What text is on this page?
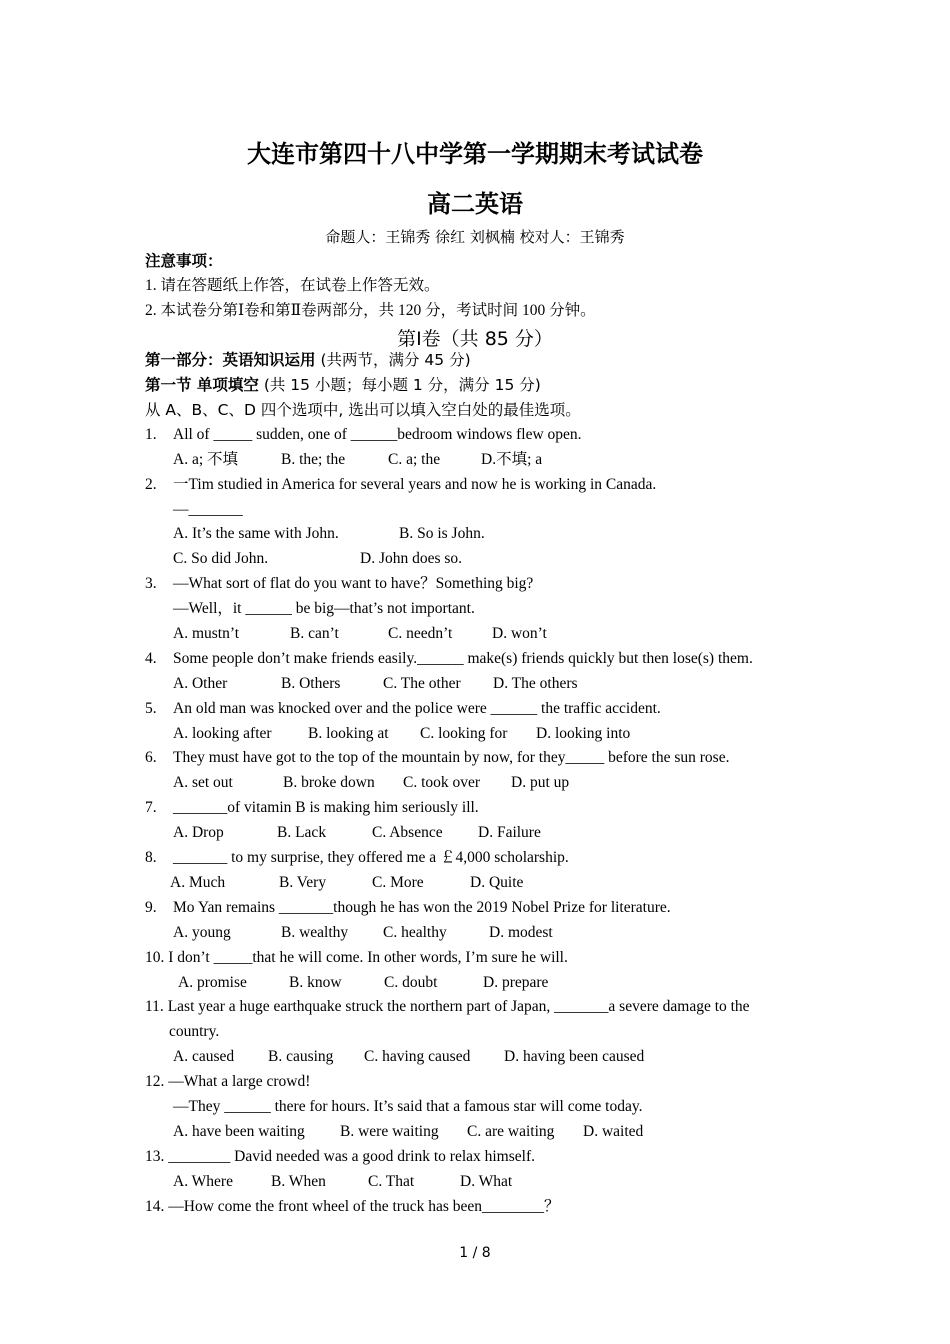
大连市第四十八中学第一学期期末考试试卷
高二英语
命题人：王锦秀 徐红 刘枫楠 校对人：王锦秀
注意事项：
1. 请在答题纸上作答，在试卷上作答无效。
2. 本试卷分第Ⅰ卷和第Ⅱ卷两部分，共 120 分，考试时间 100 分钟。
第Ⅰ卷（共 85 分）
第一部分：英语知识运用 (共两节，满分 45 分)
第一节 单项填空 (共 15 小题；每小题 1 分，满分 15 分)
从 A、B、C、D 四个选项中, 选出可以填入空白处的最佳选项。
1. All of _____ sudden, one of ______bedroom windows flew open.
A. a; 不填	B. the; the	C. a; the	D.不填; a
2. 一Tim studied in America for several years and now he is working in Canada.
—_______
A. It’s the same with John.	B. So is John.
C. So did John.	D. John does so.
3. —What sort of flat do you want to have？Something big?
—Well，it ______ be big—that’s not important.
A. mustn’t	B. can’t	C. needn’t	D. won’t
4. Some people don’t make friends easily.______ make(s) friends quickly but then lose(s) them.
A. Other	B. Others	C. The other D. The others
5. An old man was knocked over and the police were ______ the traffic accident.
A. looking after B. looking at C. looking for D. looking into
6. They must have got to the top of the mountain by now, for they_____ before the sun rose.
A. set out	B. broke down C. took over D. put up
7. _______of vitamin B is making him seriously ill.
A. Drop	B. Lack	C. Absence D. Failure
8. _______ to my surprise, they offered me a ￡4,000 scholarship.
A. Much	B. Very	C. More	D. Quite
9. Mo Yan remains _______though he has won the 2019 Nobel Prize for literature.
A. young	B. wealthy C. healthy	D. modest
10. I don’t _____that he will come. In other words, I’m sure he will.
A. promise	B. know	C. doubt	D. prepare
11. Last year a huge earthquake struck the northern part of Japan, _______a severe damage to the
country.
A. caused B. causing C. having caused D. having been caused
12. —What a large crowd!
—They ______ there for hours. It’s said that a famous star will come today.
A. have been waiting B. were waiting C. are waiting D. waited
13. ________ David needed was a good drink to relax himself.
A. Where B. When	C. That	D. What
14. —How come the front wheel of the truck has been________？
1 / 8
